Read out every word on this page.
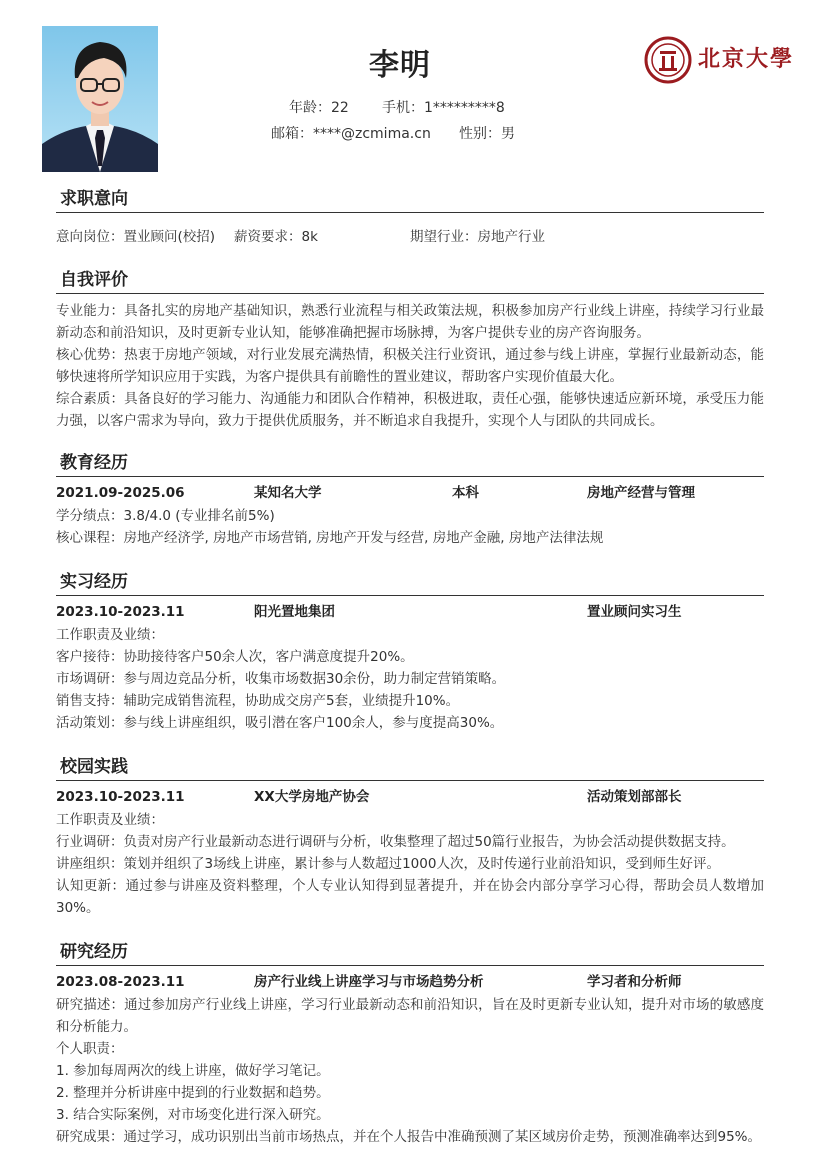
李明
年龄：22 手机：1*********8
邮箱：****@zcmima.cn 性别：男
北京大學
求职意向
意向岗位：置业顾问(校招) 薪资要求：8k	期望行业：房地产行业
自我评价
专业能力：具备扎实的房地产基础知识，熟悉行业流程与相关政策法规，积极参加房产行业线上讲座，持续学习行业最新动态和前沿知识，及时更新专业认知，能够准确把握市场脉搏，为客户提供专业的房产咨询服务。
核心优势：热衷于房地产领域，对行业发展充满热情，积极关注行业资讯，通过参与线上讲座，掌握行业最新动态，能够快速将所学知识应用于实践，为客户提供具有前瞻性的置业建议，帮助客户实现价值最大化。
综合素质：具备良好的学习能力、沟通能力和团队合作精神，积极进取，责任心强，能够快速适应新环境，承受压力能力强，以客户需求为导向，致力于提供优质服务，并不断追求自我提升，实现个人与团队的共同成长。
教育经历
2021.09-2025.06	某知名大学	本科	房地产经营与管理
学分绩点：3.8/4.0 (专业排名前5%)
核心课程：房地产经济学, 房地产市场营销, 房地产开发与经营, 房地产金融, 房地产法律法规
实习经历
2023.10-2023.11	阳光置地集团	置业顾问实习生
工作职责及业绩：
客户接待：协助接待客户50余人次，客户满意度提升20%。
市场调研：参与周边竞品分析，收集市场数据30余份，助力制定营销策略。
销售支持：辅助完成销售流程，协助成交房产5套，业绩提升10%。
活动策划：参与线上讲座组织，吸引潜在客户100余人，参与度提高30%。
校园实践
2023.10-2023.11	XX大学房地产协会	活动策划部部长
工作职责及业绩：
行业调研：负责对房产行业最新动态进行调研与分析，收集整理了超过50篇行业报告，为协会活动提供数据支持。
讲座组织：策划并组织了3场线上讲座，累计参与人数超过1000人次，及时传递行业前沿知识，受到师生好评。
认知更新：通过参与讲座及资料整理，个人专业认知得到显著提升，并在协会内部分享学习心得，帮助会员人数增加30%。
研究经历
2023.08-2023.11	房产行业线上讲座学习与市场趋势分析	学习者和分析师
研究描述：通过参加房产行业线上讲座，学习行业最新动态和前沿知识，旨在及时更新专业认知，提升对市场的敏感度和分析能力。
个人职责：
1. 参加每周两次的线上讲座，做好学习笔记。
2. 整理并分析讲座中提到的行业数据和趋势。
3. 结合实际案例，对市场变化进行深入研究。
研究成果：通过学习，成功识别出当前市场热点，并在个人报告中准确预测了某区域房价走势，预测准确率达到95%。
